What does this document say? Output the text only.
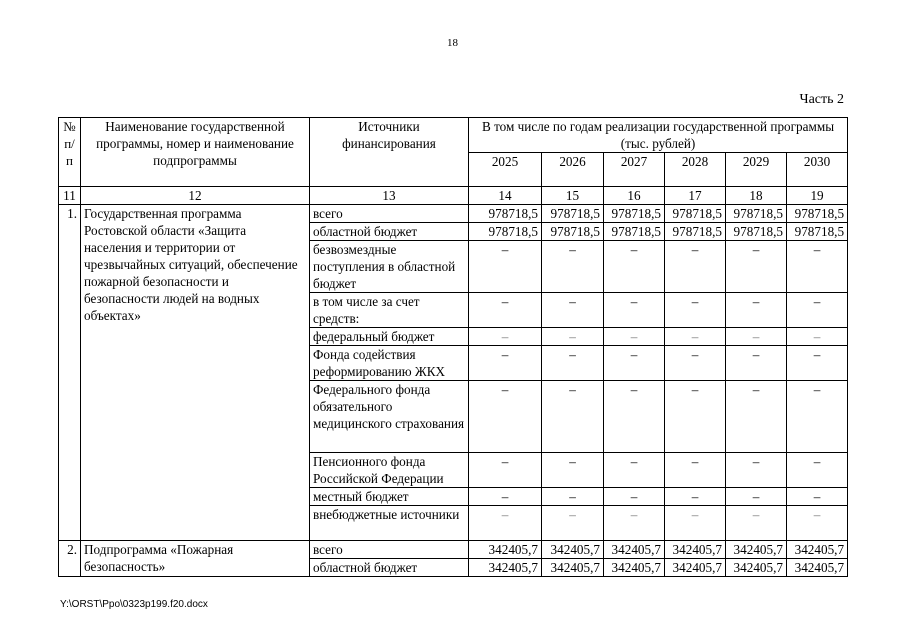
18
Часть 2
№ п/п	Наименование государственной программы, номер и наименование подпрограммы	Источники финансирования	В том числе по годам реализации государственной программы (тыс. рублей)					
			2025	2026	2027	2028	2029	2030
11	12	13	14	15	16	17	18	19
1.	Государственная программа Ростовской области «Защита населения и территории от чрезвычайных ситуаций, обеспечение пожарной безопасности и безопасности людей на водных объектах»	всего	978718,5	978718,5	978718,5	978718,5	978718,5	978718,5
		областной бюджет	978718,5	978718,5	978718,5	978718,5	978718,5	978718,5
		безвозмездные поступления в областной бюджет	–	–	–	–	–	–
		в том числе за счет средств:	–	–	–	–	–	–
		федеральный бюджет	–	–	–	–	–	–
		Фонда содействия реформированию ЖКХ	–	–	–	–	–	–
		Федерального фонда обязательного медицинского страхования	–	–	–	–	–	–
		Пенсионного фонда Российской Федерации	–	–	–	–	–	–
		местный бюджет	–	–	–	–	–	–
		внебюджетные источники	–	–	–	–	–	–
2.	Подпрограмма «Пожарная безопасность»	всего	342405,7	342405,7	342405,7	342405,7	342405,7	342405,7
		областной бюджет	342405,7	342405,7	342405,7	342405,7	342405,7	342405,7
Y:\ORST\Ppo\0323p199.f20.docx
